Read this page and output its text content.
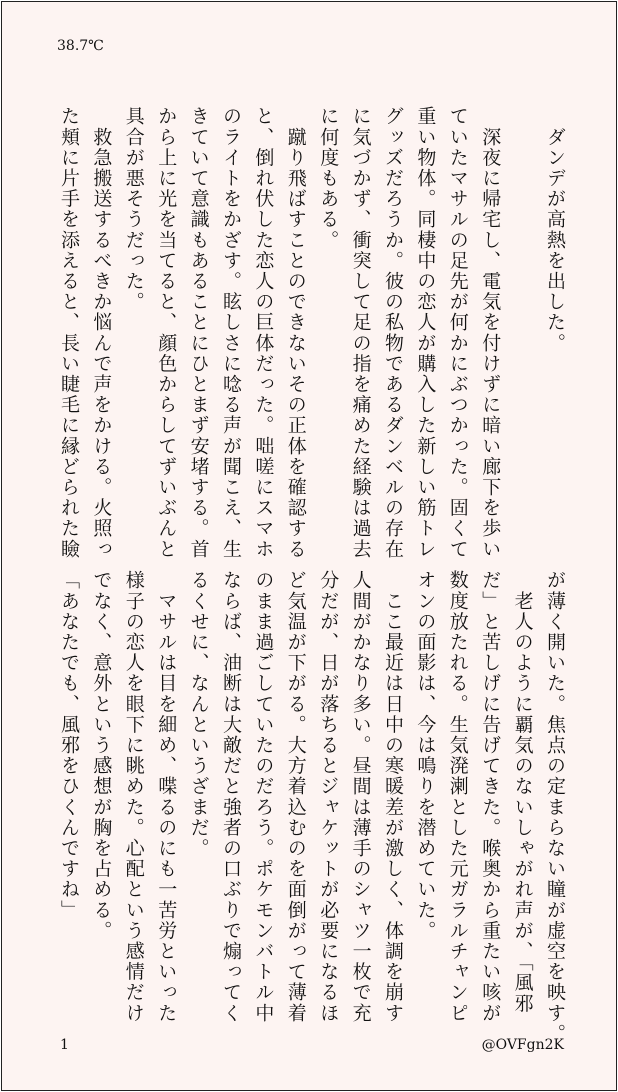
38.7℃
　ダンデが高熱を出した。
　深夜に帰宅し、電気を付けずに暗い廊下を歩い
ていたマサルの足先が何かにぶつかった。固くて
重い物体。同棲中の恋人が購入した新しい筋トレ
グッズだろうか。彼の私物であるダンベルの存在
に気づかず、衝突して足の指を痛めた経験は過去
に何度もある。
　蹴り飛ばすことのできないその正体を確認する
と、倒れ伏した恋人の巨体だった。咄嗟にスマホ
のライトをかざす。眩しさに唸る声が聞こえ、生
きていて意識もあることにひとまず安堵する。首
から上に光を当てると、顔色からしてずいぶんと
具合が悪そうだった。
　救急搬送するべきか悩んで声をかける。火照っ
た頬に片手を添えると、長い睫毛に縁どられた瞼
が薄く開いた。焦点の定まらない瞳が虚空を映す。
　老人のように覇気のないしゃがれ声が、「風邪
だ」と苦しげに告げてきた。喉奥から重たい咳が
数度放たれる。生気溌溂とした元ガラルチャンピ
オンの面影は、今は鳴りを潜めていた。
　ここ最近は日中の寒暖差が激しく、体調を崩す
人間がかなり多い。昼間は薄手のシャツ一枚で充
分だが、日が落ちるとジャケットが必要になるほ
ど気温が下がる。大方着込むのを面倒がって薄着
のまま過ごしていたのだろう。ポケモンバトル中
ならば、油断は大敵だと強者の口ぶりで煽ってく
るくせに、なんというざまだ。
　マサルは目を細め、喋るのにも一苦労といった
様子の恋人を眼下に眺めた。心配という感情だけ
でなく、意外という感想が胸を占める。
「あなたでも、風邪をひくんですね」
1	@OVFgn2K
